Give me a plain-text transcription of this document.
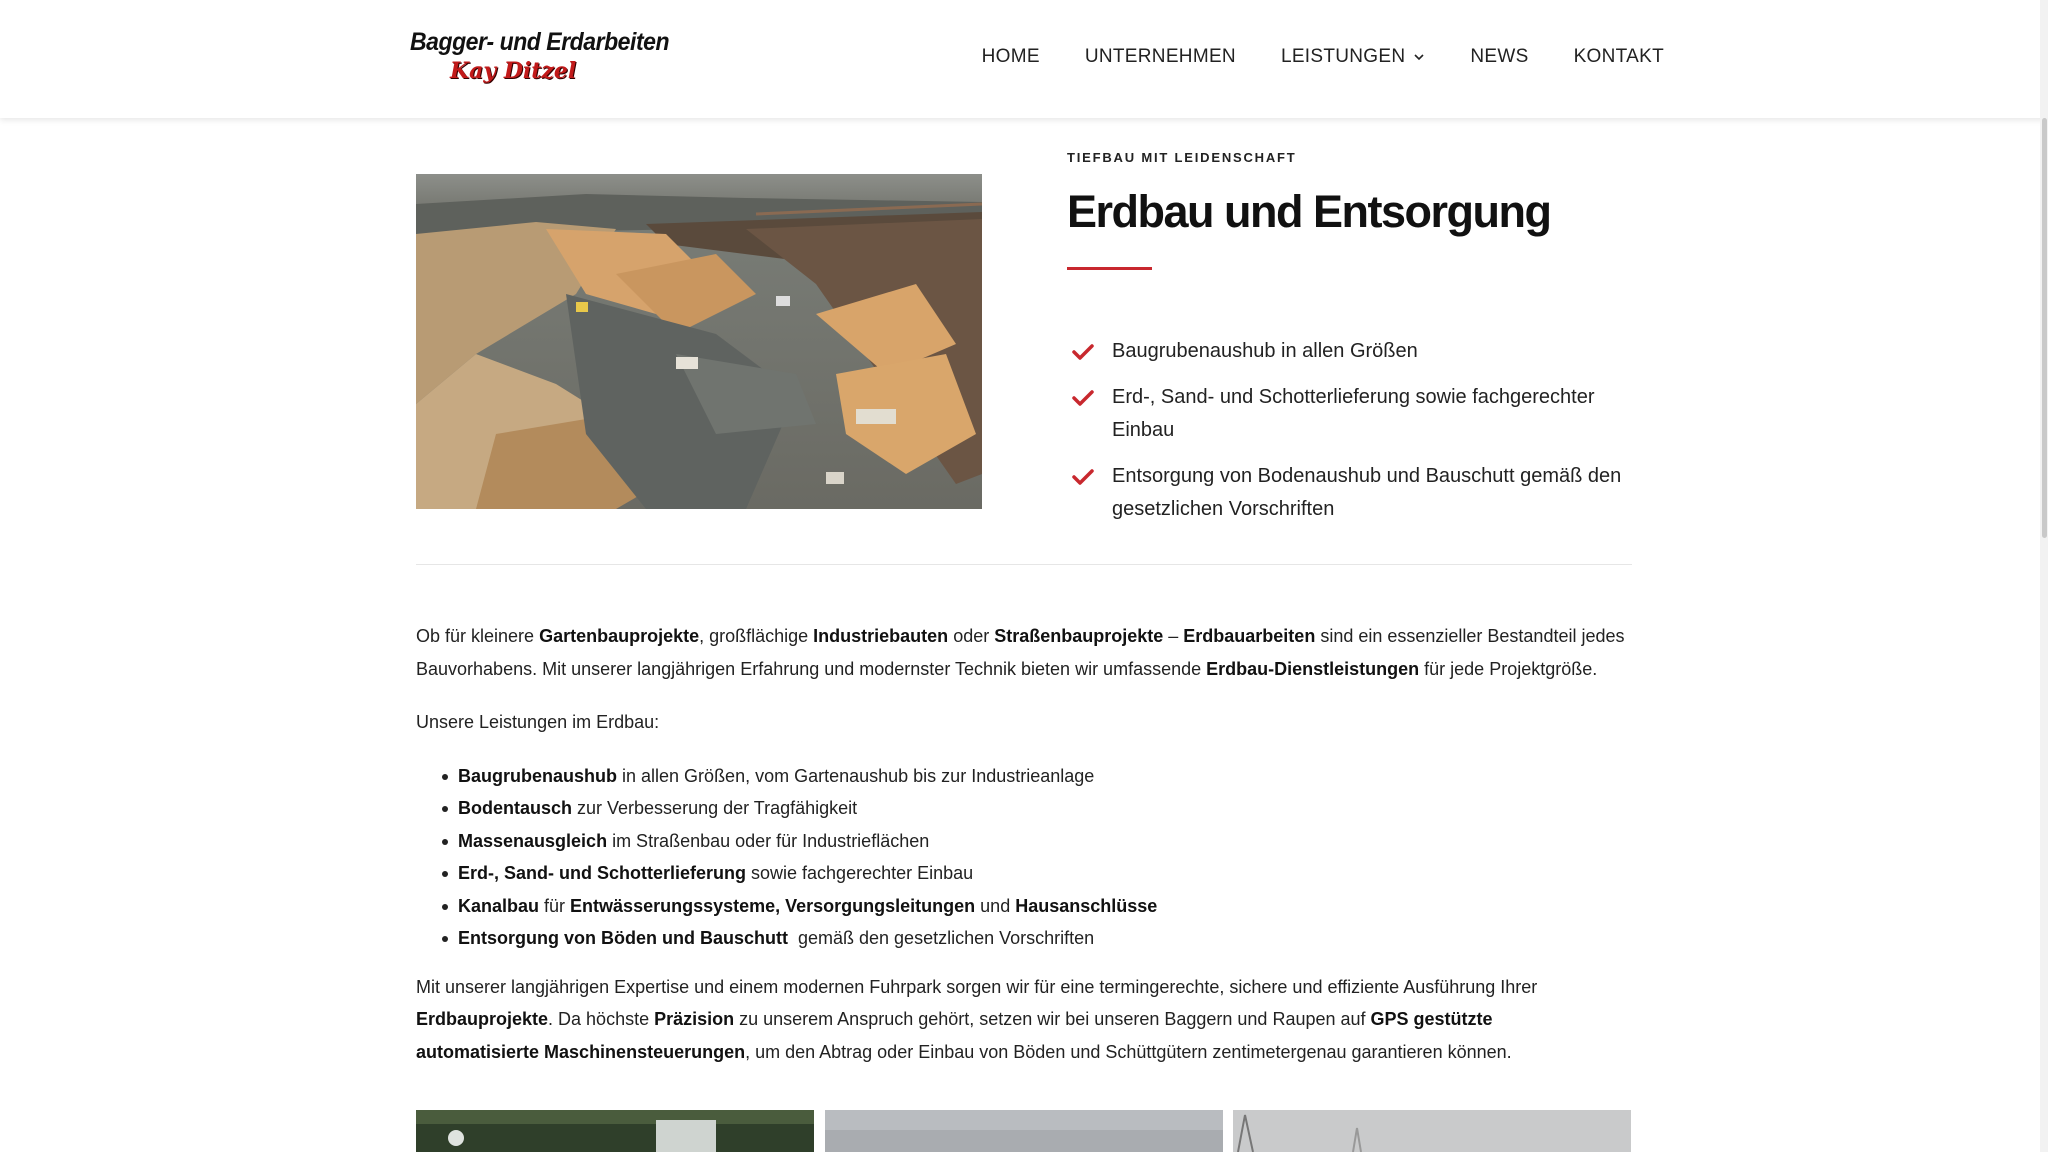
Bagger- und Erdarbeiten
Kay Ditzel
HOME UNTERNEHMEN LEISTUNGEN	NEWS KONTAKT
TIEFBAU MIT LEIDENSCHAFT
Erdbau und Entsorgung
Baugrubenaushub in allen Größen
Erd-, Sand- und Schotterlieferung sowie fachgerechter Einbau
Entsorgung von Bodenaushub und Bauschutt gemäß den gesetzlichen Vorschriften

Ob für kleinere Gartenbauprojekte, großflächige Industriebauten oder Straßenbauprojekte – Erdbauarbeiten sind ein essenzieller Bestandteil jedes Bauvorhabens. Mit unserer langjährigen Erfahrung und modernster Technik bieten wir umfassende Erdbau-Dienstleistungen für jede Projektgröße.

Unsere Leistungen im Erdbau:

Baugrubenaushub in allen Größen, vom Gartenaushub bis zur Industrieanlage
Bodentausch zur Verbesserung der Tragfähigkeit
Massenausgleich im Straßenbau oder für Industrieflächen
Erd-, Sand- und Schotterlieferung sowie fachgerechter Einbau
Kanalbau für Entwässerungssysteme, Versorgungsleitungen und Hausanschlüsse
Entsorgung von Böden und Bauschutt  gemäß den gesetzlichen Vorschriften

Mit unserer langjährigen Expertise und einem modernen Fuhrpark sorgen wir für eine termingerechte, sichere und effiziente Ausführung Ihrer Erdbauprojekte. Da höchste Präzision zu unserem Anspruch gehört, setzen wir bei unseren Baggern und Raupen auf GPS gestützte automatisierte Maschinensteuerungen, um den Abtrag oder Einbau von Böden und Schüttgütern zentimetergenau garantieren können.
